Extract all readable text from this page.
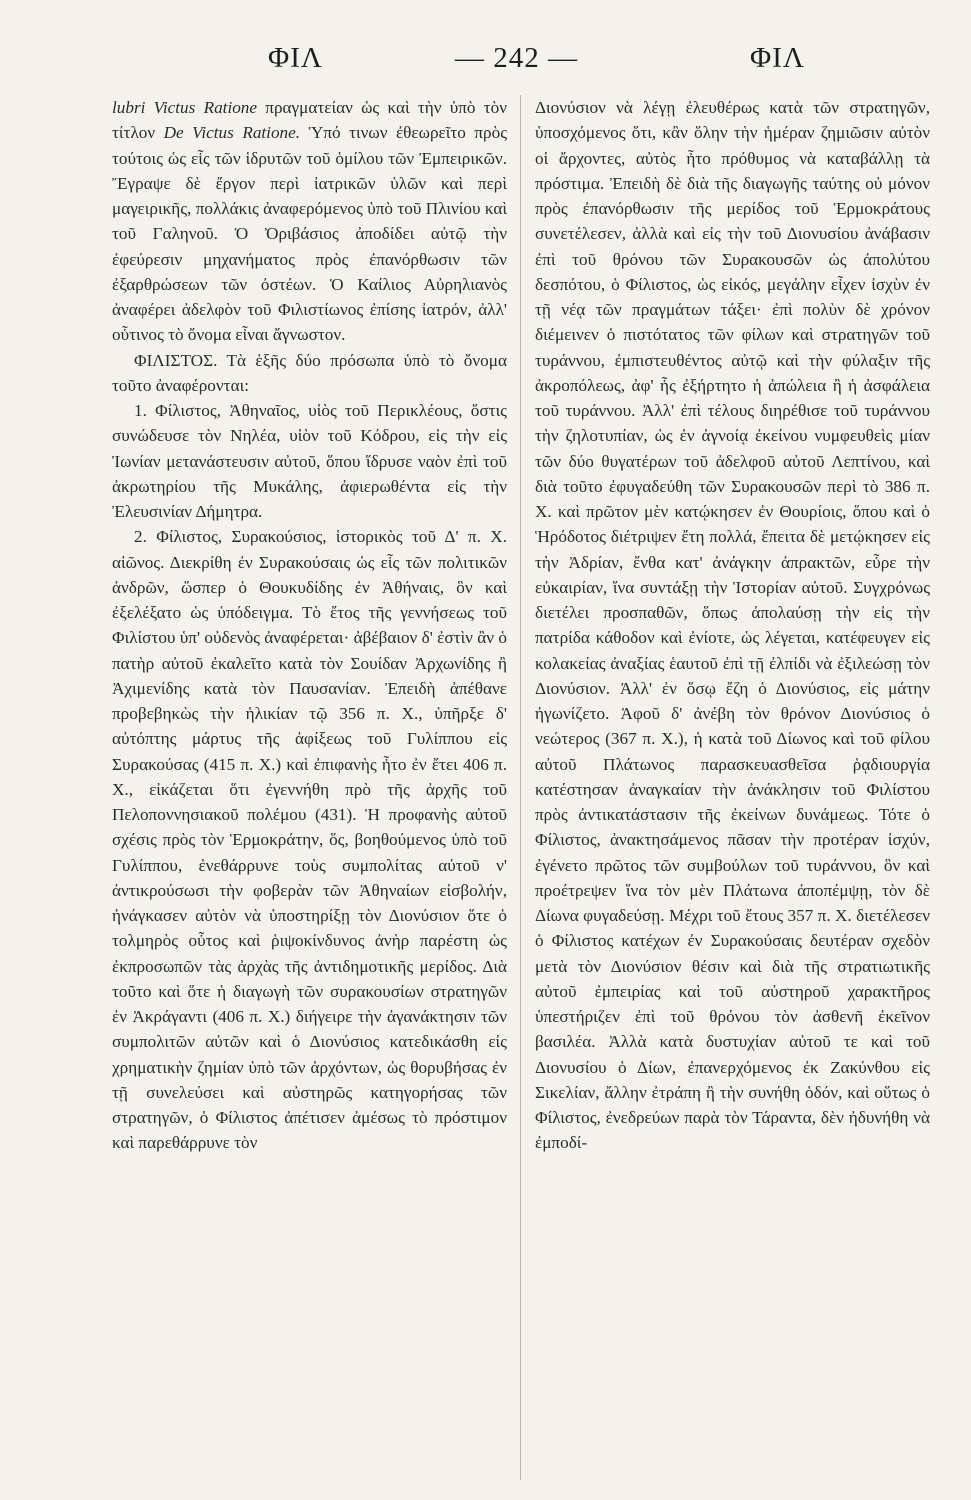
ΦΙΛ	— 242 —	ΦΙΛ

lubri Victus Ratione πραγματείαν ὡς καὶ τὴν ὑπὸ τὸν τίτλον De Victus Ratione. Ὑπό τινων ἐθεωρεῖτο πρὸς τούτοις ὡς εἷς τῶν ἱδρυτῶν τοῦ ὁμίλου τῶν Ἐμπειρικῶν. Ἔγραψε δὲ ἔργον περὶ ἰατρικῶν ὑλῶν καὶ περὶ μαγειρικῆς, πολλάκις ἀναφερόμενος ὑπὸ τοῦ Πλινίου καὶ τοῦ Γαληνοῦ. Ὁ Ὀριβάσιος ἀποδίδει αὐτῷ τὴν ἐφεύρεσιν μηχανήματος πρὸς ἐπανόρθωσιν τῶν ἐξαρθρώσεων τῶν ὀστέων. Ὁ Καίλιος Αὐρηλιανὸς ἀναφέρει ἀδελφὸν τοῦ Φιλιστίωνος ἐπίσης ἰατρόν, ἀλλ' οὗτινος τὸ ὄνομα εἶναι ἄγνωστον.

ΦΙΛΙΣΤΟΣ. Τὰ ἑξῆς δύο πρόσωπα ὑπὸ τὸ ὄνομα τοῦτο ἀναφέρονται:

1. Φίλιστος, Ἀθηναῖος, υἱὸς τοῦ Περικλέους, ὅστις συνώδευσε τὸν Νηλέα, υἱὸν τοῦ Κόδρου, εἰς τὴν εἰς Ἰωνίαν μετανάστευσιν αὐτοῦ, ὅπου ἵδρυσε ναὸν ἐπὶ τοῦ ἀκρωτηρίου τῆς Μυκάλης, ἀφιερωθέντα εἰς τὴν Ἐλευσινίαν Δήμητρα.

2. Φίλιστος, Συρακούσιος, ἱστορικὸς τοῦ Δ' π. Χ. αἰῶνος. Διεκρίθη ἐν Συρακούσαις ὡς εἷς τῶν πολιτικῶν ἀνδρῶν, ὥσπερ ὁ Θουκυδίδης ἐν Ἀθήναις, ὃν καὶ ἐξελέξατο ὡς ὑπόδειγμα. Τὸ ἔτος τῆς γεννήσεως τοῦ Φιλίστου ὑπ' οὐδενὸς ἀναφέρεται· ἀβέβαιον δ' ἐστὶν ἂν ὁ πατὴρ αὐτοῦ ἐκαλεῖτο κατὰ τὸν Σουίδαν Ἀρχωνίδης ἢ Ἀχιμενίδης κατὰ τὸν Παυσανίαν. Ἐπειδὴ ἀπέθανε προβεβηκὼς τὴν ἡλικίαν τῷ 356 π. Χ., ὑπῆρξε δ' αὐτόπτης μάρτυς τῆς ἀφίξεως τοῦ Γυλίππου εἰς Συρακούσας (415 π. Χ.) καὶ ἐπιφανὴς ἦτο ἐν ἔτει 406 π. Χ., εἰκάζεται ὅτι ἐγεννήθη πρὸ τῆς ἀρχῆς τοῦ Πελοποννησιακοῦ πολέμου (431). Ἡ προφανὴς αὐτοῦ σχέσις πρὸς τὸν Ἑρμοκράτην, ὅς, βοηθούμενος ὑπὸ τοῦ Γυλίππου, ἐνεθάρρυνε τοὺς συμπολίτας αὐτοῦ ν' ἀντικρούσωσι τὴν φοβερὰν τῶν Ἀθηναίων εἰσβολήν, ἠνάγκασεν αὐτὸν νὰ ὑποστηρίξῃ τὸν Διονύσιον ὅτε ὁ τολμηρὸς οὗτος καὶ ῥιψοκίνδυνος ἀνὴρ παρέστη ὡς ἐκπροσωπῶν τὰς ἀρχὰς τῆς ἀντιδημοτικῆς μερίδος. Διὰ τοῦτο καὶ ὅτε ἡ διαγωγὴ τῶν συρακουσίων στρατηγῶν ἐν Ἀκράγαντι (406 π. Χ.) διήγειρε τὴν ἀγανάκτησιν τῶν συμπολιτῶν αὐτῶν καὶ ὁ Διονύσιος κατεδικάσθη εἰς χρηματικὴν ζημίαν ὑπὸ τῶν ἀρχόντων, ὡς θορυβήσας ἐν τῇ συνελεύσει καὶ αὐστηρῶς κατηγορήσας τῶν στρατηγῶν, ὁ Φίλιστος ἀπέτισεν ἀμέσως τὸ πρόστιμον καὶ παρεθάρρυνε τὸν

Διονύσιον νὰ λέγῃ ἐλευθέρως κατὰ τῶν στρατηγῶν, ὑποσχόμενος ὅτι, κἂν ὅλην τὴν ἡμέραν ζημιῶσιν αὐτὸν οἱ ἄρχοντες, αὐτὸς ἦτο πρόθυμος νὰ καταβάλλῃ τὰ πρόστιμα. Ἐπειδὴ δὲ διὰ τῆς διαγωγῆς ταύτης οὐ μόνον πρὸς ἐπανόρθωσιν τῆς μερίδος τοῦ Ἑρμοκράτους συνετέλεσεν, ἀλλὰ καὶ εἰς τὴν τοῦ Διονυσίου ἀνάβασιν ἐπὶ τοῦ θρόνου τῶν Συρακουσῶν ὡς ἀπολύτου δεσπότου, ὁ Φίλιστος, ὡς εἰκός, μεγάλην εἶχεν ἰσχὺν ἐν τῇ νέᾳ τῶν πραγμάτων τάξει· ἐπὶ πολὺν δὲ χρόνον διέμεινεν ὁ πιστότατος τῶν φίλων καὶ στρατηγῶν τοῦ τυράννου, ἐμπιστευθέντος αὐτῷ καὶ τὴν φύλαξιν τῆς ἀκροπόλεως, ἀφ' ἧς ἐξήρτητο ἡ ἀπώλεια ἢ ἡ ἀσφάλεια τοῦ τυράννου. Ἀλλ' ἐπὶ τέλους διηρέθισε τοῦ τυράννου τὴν ζηλοτυπίαν, ὡς ἐν ἀγνοίᾳ ἐκείνου νυμφευθεὶς μίαν τῶν δύο θυγατέρων τοῦ ἀδελφοῦ αὐτοῦ Λεπτίνου, καὶ διὰ τοῦτο ἐφυγαδεύθη τῶν Συρακουσῶν περὶ τὸ 386 π. Χ. καὶ πρῶτον μὲν κατῴκησεν ἐν Θουρίοις, ὅπου καὶ ὁ Ἡρόδοτος διέτριψεν ἔτη πολλά, ἔπειτα δὲ μετῴκησεν εἰς τὴν Ἀδρίαν, ἔνθα κατ' ἀνάγκην ἀπρακτῶν, εὗρε τὴν εὐκαιρίαν, ἵνα συντάξῃ τὴν Ἱστορίαν αὐτοῦ. Συγχρόνως διετέλει προσπαθῶν, ὅπως ἀπολαύσῃ τὴν εἰς τὴν πατρίδα κάθοδον καὶ ἐνίοτε, ὡς λέγεται, κατέφευγεν εἰς κολακείας ἀναξίας ἑαυτοῦ ἐπὶ τῇ ἐλπίδι νὰ ἐξιλεώσῃ τὸν Διονύσιον. Ἀλλ' ἐν ὅσῳ ἔζη ὁ Διονύσιος, εἰς μάτην ἠγωνίζετο. Ἀφοῦ δ' ἀνέβη τὸν θρόνον Διονύσιος ὁ νεώτερος (367 π. Χ.), ἡ κατὰ τοῦ Δίωνος καὶ τοῦ φίλου αὐτοῦ Πλάτωνος παρασκευασθεῖσα ῥᾳδιουργία κατέστησαν ἀναγκαίαν τὴν ἀνάκλησιν τοῦ Φιλίστου πρὸς ἀντικατάστασιν τῆς ἐκείνων δυνάμεως. Τότε ὁ Φίλιστος, ἀνακτησάμενος πᾶσαν τὴν προτέραν ἰσχύν, ἐγένετο πρῶτος τῶν συμβούλων τοῦ τυράννου, ὃν καὶ προέτρεψεν ἵνα τὸν μὲν Πλάτωνα ἀποπέμψῃ, τὸν δὲ Δίωνα φυγαδεύσῃ. Μέχρι τοῦ ἔτους 357 π. Χ. διετέλεσεν ὁ Φίλιστος κατέχων ἐν Συρακούσαις δευτέραν σχεδὸν μετὰ τὸν Διονύσιον θέσιν καὶ διὰ τῆς στρατιωτικῆς αὐτοῦ ἐμπειρίας καὶ τοῦ αὐστηροῦ χαρακτῆρος ὑπεστήριζεν ἐπὶ τοῦ θρόνου τὸν ἀσθενῆ ἐκεῖνον βασιλέα. Ἀλλὰ κατὰ δυστυχίαν αὐτοῦ τε καὶ τοῦ Διονυσίου ὁ Δίων, ἐπανερχόμενος ἐκ Ζακύνθου εἰς Σικελίαν, ἄλλην ἐτράπη ἢ τὴν συνήθη ὁδόν, καὶ οὕτως ὁ Φίλιστος, ἐνεδρεύων παρὰ τὸν Τάραντα, δὲν ἠδυνήθη νὰ ἐμποδί-
